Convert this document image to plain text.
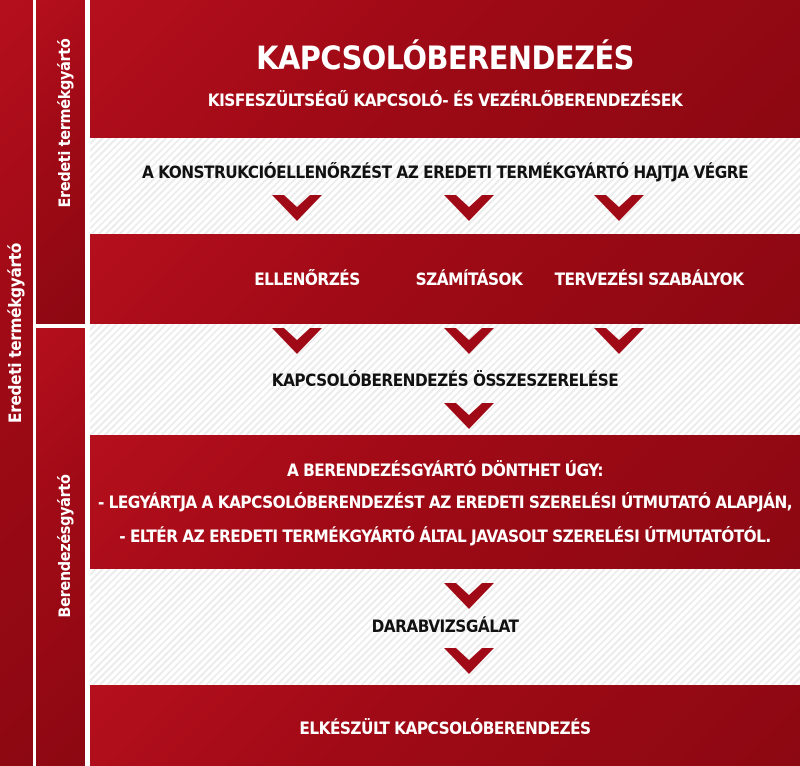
Eredeti termékgyártó
Eredeti termékgyártó
Berendezésgyártó
KAPCSOLÓBERENDEZÉS
KISFESZÜLTSÉGŰ KAPCSOLÓ- ÉS VEZÉRLŐBERENDEZÉSEK
A KONSTRUKCIÓELLENŐRZÉST AZ EREDETI TERMÉKGYÁRTÓ HAJTJA VÉGRE
ELLENŐRZÉS	SZÁMÍTÁSOK	TERVEZÉSI SZABÁLYOK
KAPCSOLÓBERENDEZÉS ÖSSZESZERELÉSE
A BERENDEZÉSGYÁRTÓ DÖNTHET ÚGY:
- LEGYÁRTJA A KAPCSOLÓBERENDEZÉST AZ EREDETI SZERELÉSI ÚTMUTATÓ ALAPJÁN,
- ELTÉR AZ EREDETI TERMÉKGYÁRTÓ ÁLTAL JAVASOLT SZERELÉSI ÚTMUTATÓTÓL.
DARABVIZSGÁLAT
ELKÉSZÜLT KAPCSOLÓBERENDEZÉS
